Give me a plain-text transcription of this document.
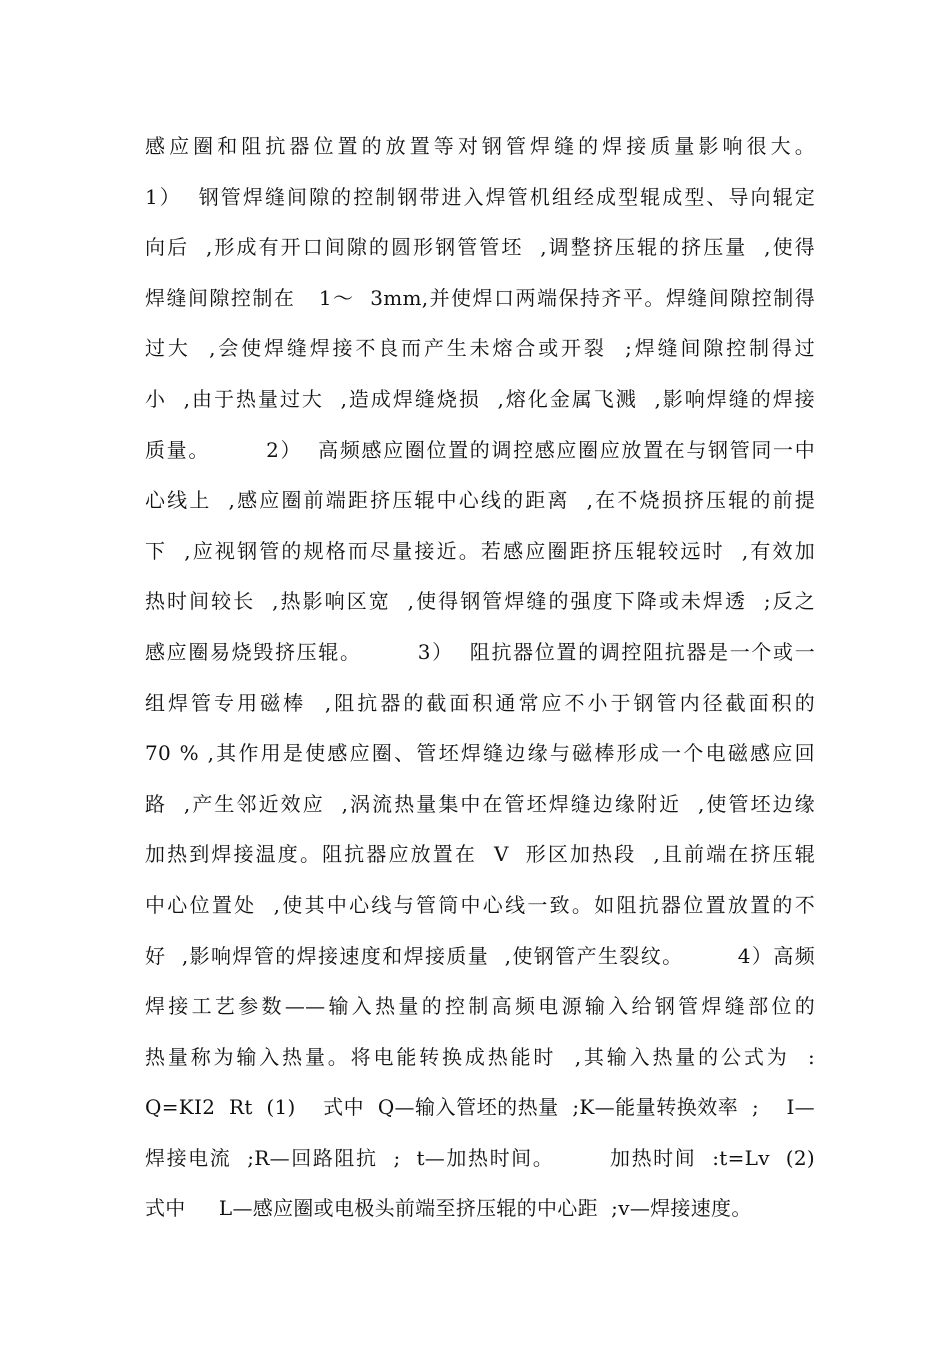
感应圈和阻抗器位置的放置等对钢管焊缝的焊接质量影响很大。
1）  钢管焊缝间隙的控制钢带进入焊管机组经成型辊成型、导向辊定
向后  ,形成有开口间隙的圆形钢管管坯  ,调整挤压辊的挤压量  ,使得
焊缝间隙控制在   1～  3mm,并使焊口两端保持齐平。焊缝间隙控制得
过大  ,会使焊缝焊接不良而产生未熔合或开裂  ;焊缝间隙控制得过
小  ,由于热量过大  ,造成焊缝烧损  ,熔化金属飞溅  ,影响焊缝的焊接
质量。       2）  高频感应圈位置的调控感应圈应放置在与钢管同一中
心线上  ,感应圈前端距挤压辊中心线的距离  ,在不烧损挤压辊的前提
下  ,应视钢管的规格而尽量接近。若感应圈距挤压辊较远时  ,有效加
热时间较长  ,热影响区宽  ,使得钢管焊缝的强度下降或未焊透  ;反之
感应圈易烧毁挤压辊。       3）  阻抗器位置的调控阻抗器是一个或一
组焊管专用磁棒  ,阻抗器的截面积通常应不小于钢管内径截面积的
70 % ,其作用是使感应圈、管坯焊缝边缘与磁棒形成一个电磁感应回
路  ,产生邻近效应  ,涡流热量集中在管坯焊缝边缘附近  ,使管坯边缘
加热到焊接温度。阻抗器应放置在  V  形区加热段  ,且前端在挤压辊
中心位置处  ,使其中心线与管筒中心线一致。如阻抗器位置放置的不
好  ,影响焊管的焊接速度和焊接质量  ,使钢管产生裂纹。       4）高频
焊接工艺参数——输入热量的控制高频电源输入给钢管焊缝部位的
热量称为输入热量。将电能转换成热能时  ,其输入热量的公式为  :
Q=KI2  Rt  (1)    式中  Q—输入管坯的热量  ;K—能量转换效率  ;    I—
焊接电流  ;R—回路阻抗  ;  t—加热时间。       加热时间  :t=Lv  (2)
式中     L—感应圈或电极头前端至挤压辊的中心距  ;v—焊接速度。
